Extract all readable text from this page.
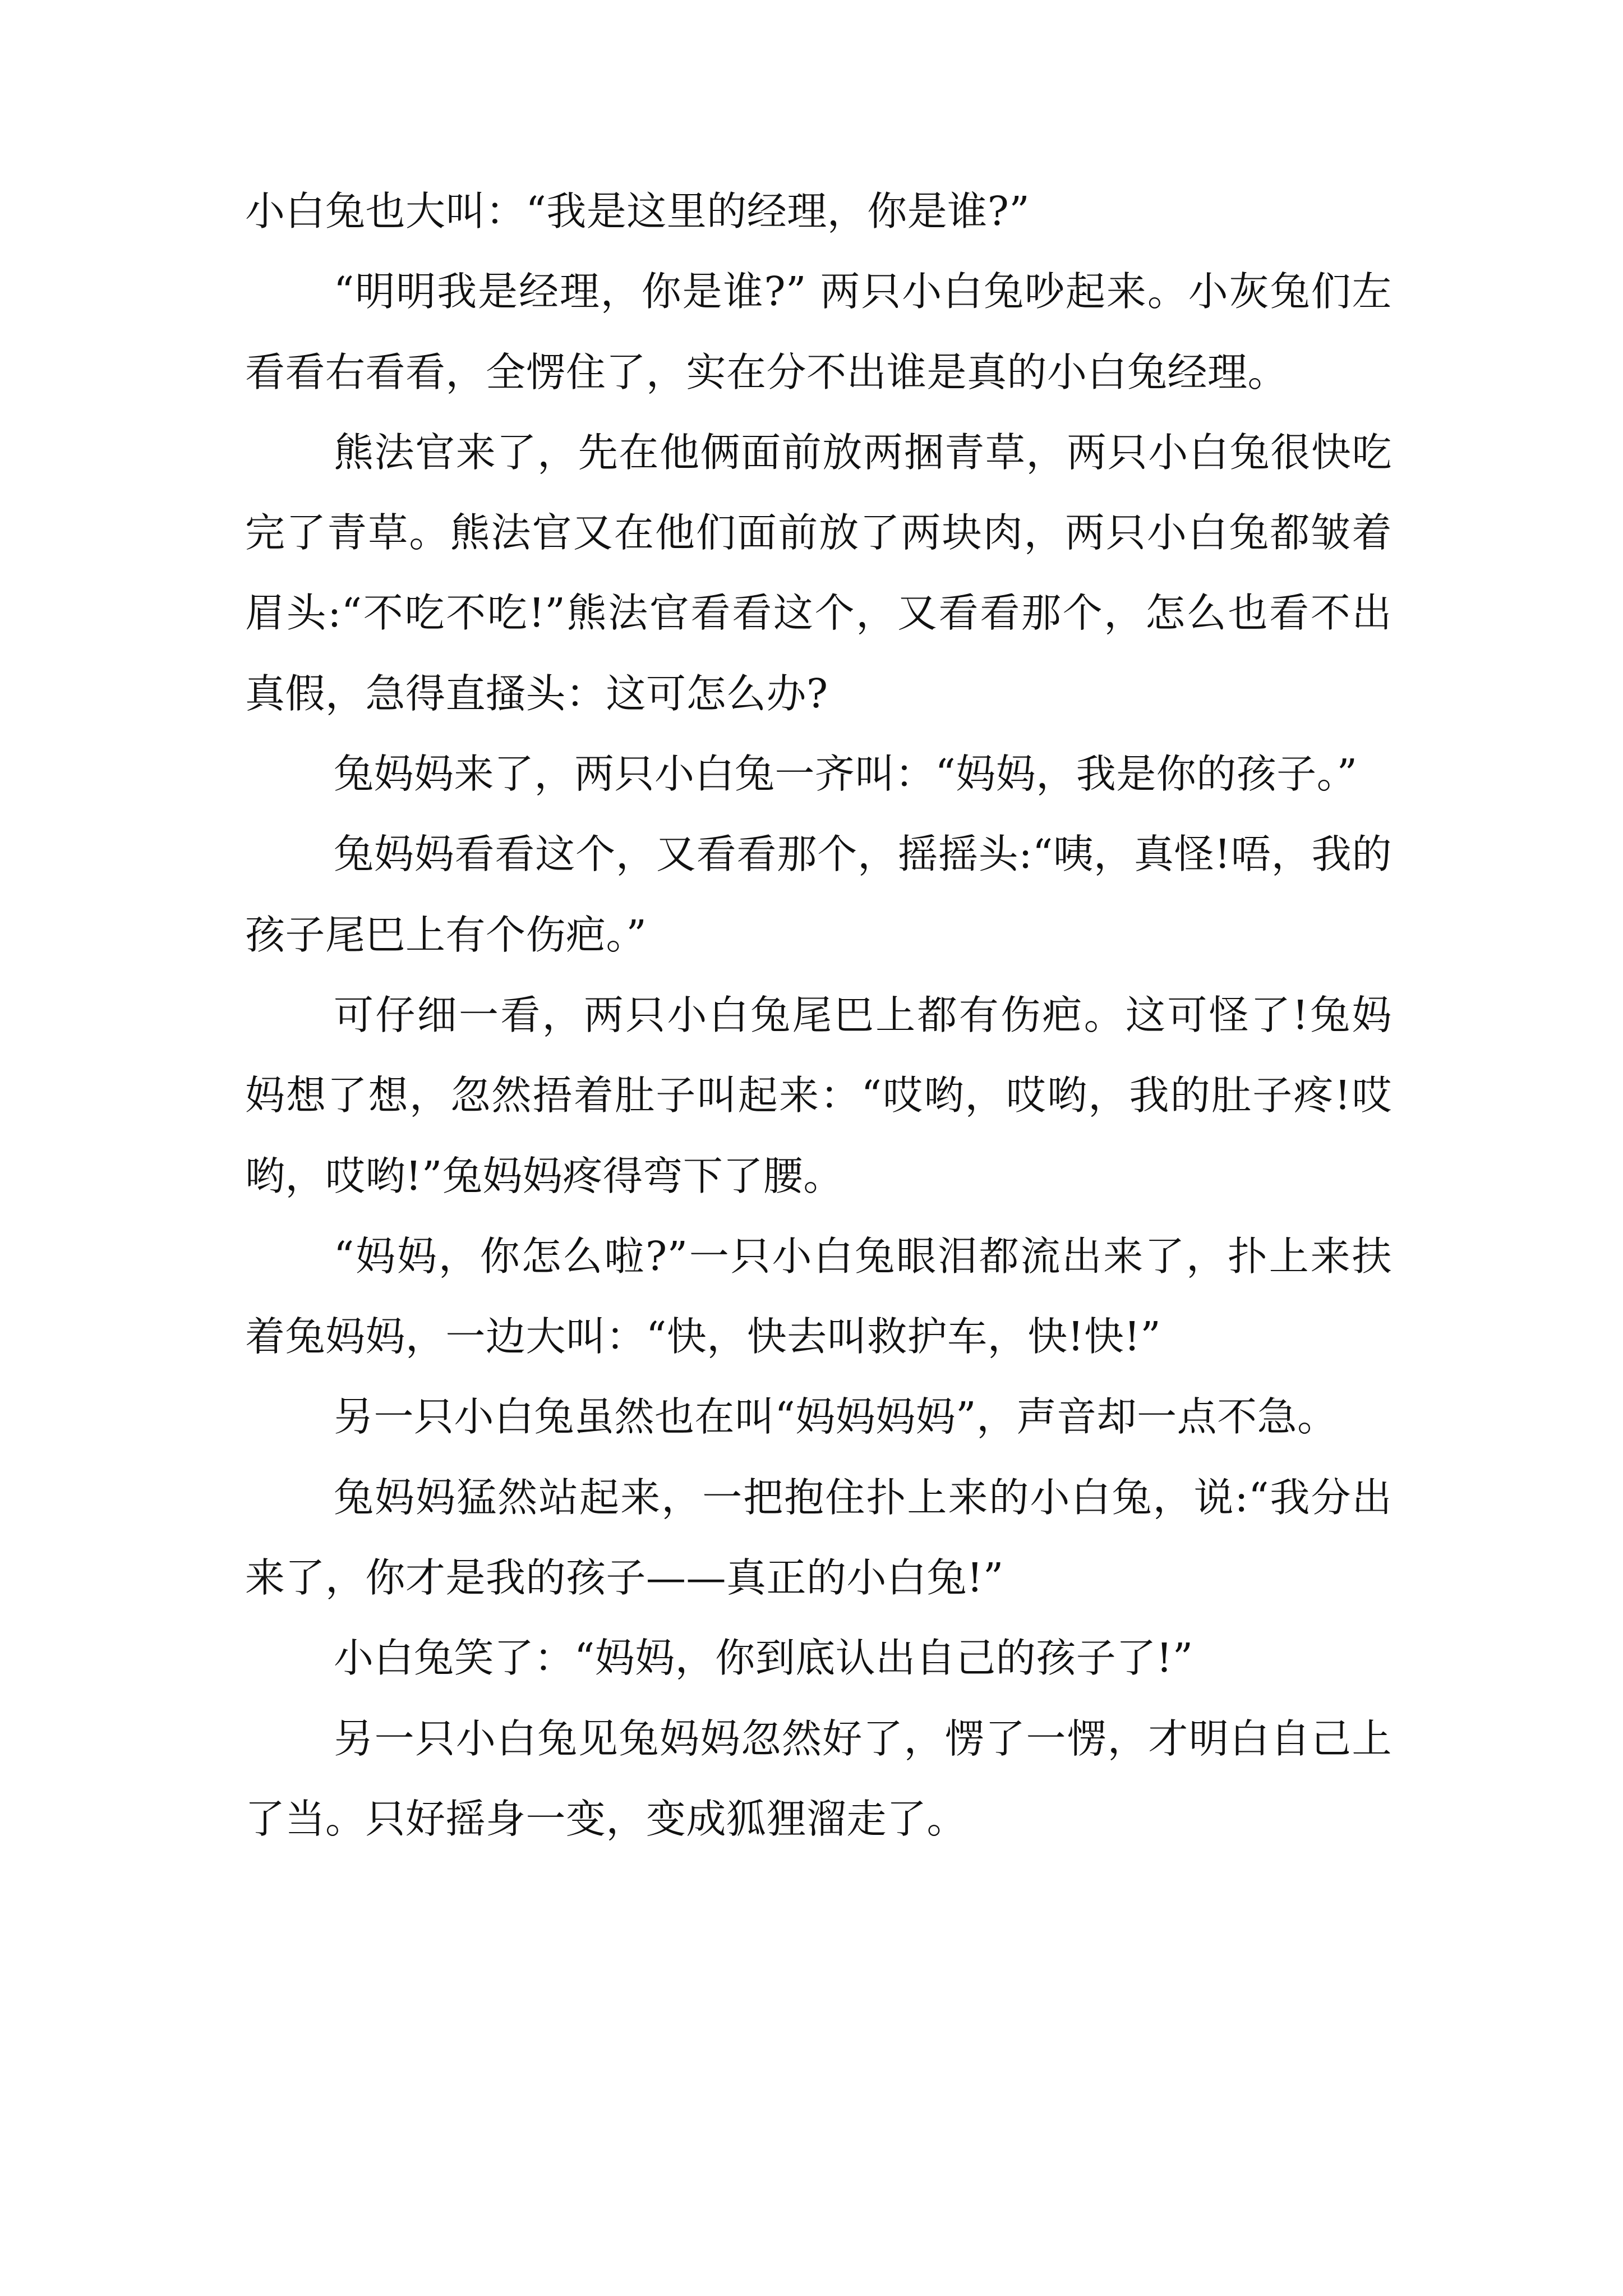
小白兔也大叫：“我是这里的经理，你是谁?”

“明明我是经理，你是谁?” 两只小白兔吵起来。小灰兔们左看看右看看，全愣住了，实在分不出谁是真的小白兔经理。

熊法官来了，先在他俩面前放两捆青草，两只小白兔很快吃完了青草。熊法官又在他们面前放了两块肉，两只小白兔都皱着眉头:“不吃不吃!”熊法官看看这个，又看看那个，怎么也看不出真假，急得直搔头：这可怎么办?

兔妈妈来了，两只小白兔一齐叫：“妈妈，我是你的孩子。”

兔妈妈看看这个，又看看那个，摇摇头:“咦，真怪!唔，我的孩子尾巴上有个伤疤。”

可仔细一看，两只小白兔尾巴上都有伤疤。这可怪了!兔妈妈想了想，忽然捂着肚子叫起来：“哎哟，哎哟，我的肚子疼!哎哟，哎哟!”兔妈妈疼得弯下了腰。

“妈妈，你怎么啦?”一只小白兔眼泪都流出来了，扑上来扶着兔妈妈，一边大叫：“快，快去叫救护车，快!快!”

另一只小白兔虽然也在叫“妈妈妈妈”，声音却一点不急。

兔妈妈猛然站起来，一把抱住扑上来的小白兔，说:“我分出来了，你才是我的孩子——真正的小白兔!”

小白兔笑了：“妈妈，你到底认出自己的孩子了!”

另一只小白兔见兔妈妈忽然好了，愣了一愣，才明白自己上了当。只好摇身一变，变成狐狸溜走了。
